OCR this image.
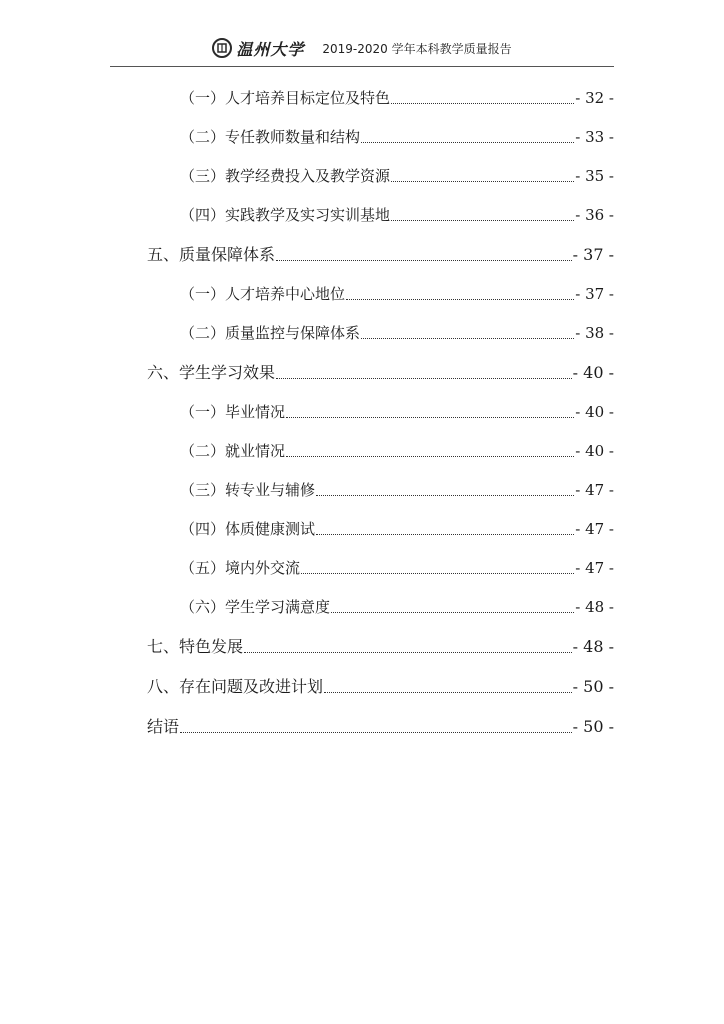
温州大学 2019-2020 学年本科教学质量报告
（一）人才培养目标定位及特色	- 32 -
（二）专任教师数量和结构	- 33 -
（三）教学经费投入及教学资源	- 35 -
（四）实践教学及实习实训基地	- 36 -
五、质量保障体系	- 37 -
（一）人才培养中心地位	- 37 -
（二）质量监控与保障体系	- 38 -
六、学生学习效果	- 40 -
（一）毕业情况	- 40 -
（二）就业情况	- 40 -
（三）转专业与辅修	- 47 -
（四）体质健康测试	- 47 -
（五）境内外交流	- 47 -
（六）学生学习满意度	- 48 -
七、特色发展	- 48 -
八、存在问题及改进计划	- 50 -
结语	- 50 -
